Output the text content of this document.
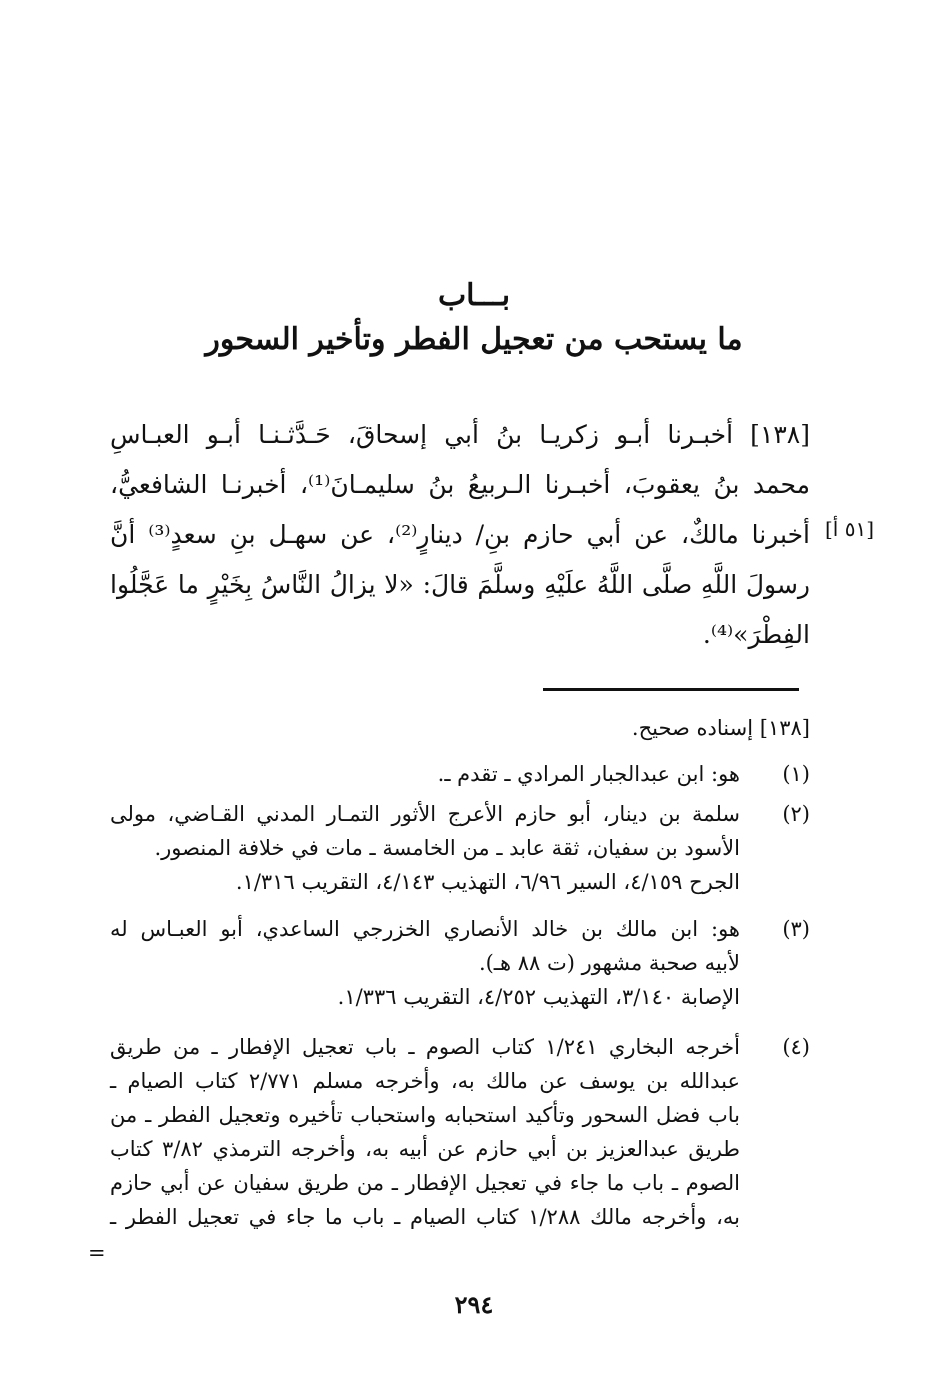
بـــاب
ما يستحب من تعجيل الفطر وتأخير السحور
[١٣٨] أخبـرنا أبـو زكريـا بنُ أبي إسحاقَ، حَـدَّثـنـا أبـو العبـاسِ
محمد بنُ يعقوبَ، أخبـرنا الـربيعُ بنُ سليمـانَ⁽¹⁾، أخبرنـا الشافعيُّ،
أخبرنا مالكٌ، عن أبي حازم بنِ/ دينارٍ⁽²⁾، عن سهـل بنِ سعدٍ⁽³⁾ أنَّ
رسولَ اللَّهِ صلَّى اللَّهُ علَيْهِ وسلَّمَ قالَ: «لا يزالُ النَّاسُ بِخَيْرٍ ما عَجَّلُوا
الفِطْرَ»⁽⁴⁾.
[٥١ أ]
[١٣٨] إسناده صحيح.
(١)
هو: ابن عبدالجبار المرادي ـ تقدم ـ.
(٢)
سلمة بن دينار، أبو حازم الأعرج الأثور التمـار المدني القـاضي، مولى
الأسود بن سفيان، ثقة عابد ـ من الخامسة ـ مات في خلافة المنصور.
الجرح ٤/١٥٩، السير ٦/٩٦، التهذيب ٤/١٤٣، التقريب ١/٣١٦.
(٣)
هو: ابن مالك بن خالد الأنصاري الخزرجي الساعدي، أبو العبـاس له
لأبيه صحبة مشهور (ت ٨٨ هـ).
الإصابة ٣/١٤٠، التهذيب ٤/٢٥٢، التقريب ١/٣٣٦.
(٤)
أخرجه البخاري ١/٢٤١ كتاب الصوم ـ باب تعجيل الإفطار ـ من طريق
عبدالله بن يوسف عن مالك به، وأخرجه مسلم ٢/٧٧١ كتاب الصيام ـ
باب فضل السحور وتأكيد استحبابه واستحباب تأخيره وتعجيل الفطر ـ من
طريق عبدالعزيز بن أبي حازم عن أبيه به، وأخرجه الترمذي ٣/٨٢ كتاب
الصوم ـ باب ما جاء في تعجيل الإفطار ـ من طريق سفيان عن أبي حازم
به، وأخرجه مالك ١/٢٨٨ كتاب الصيام ـ باب ما جاء في تعجيل الفطر ـ
=
٢٩٤
